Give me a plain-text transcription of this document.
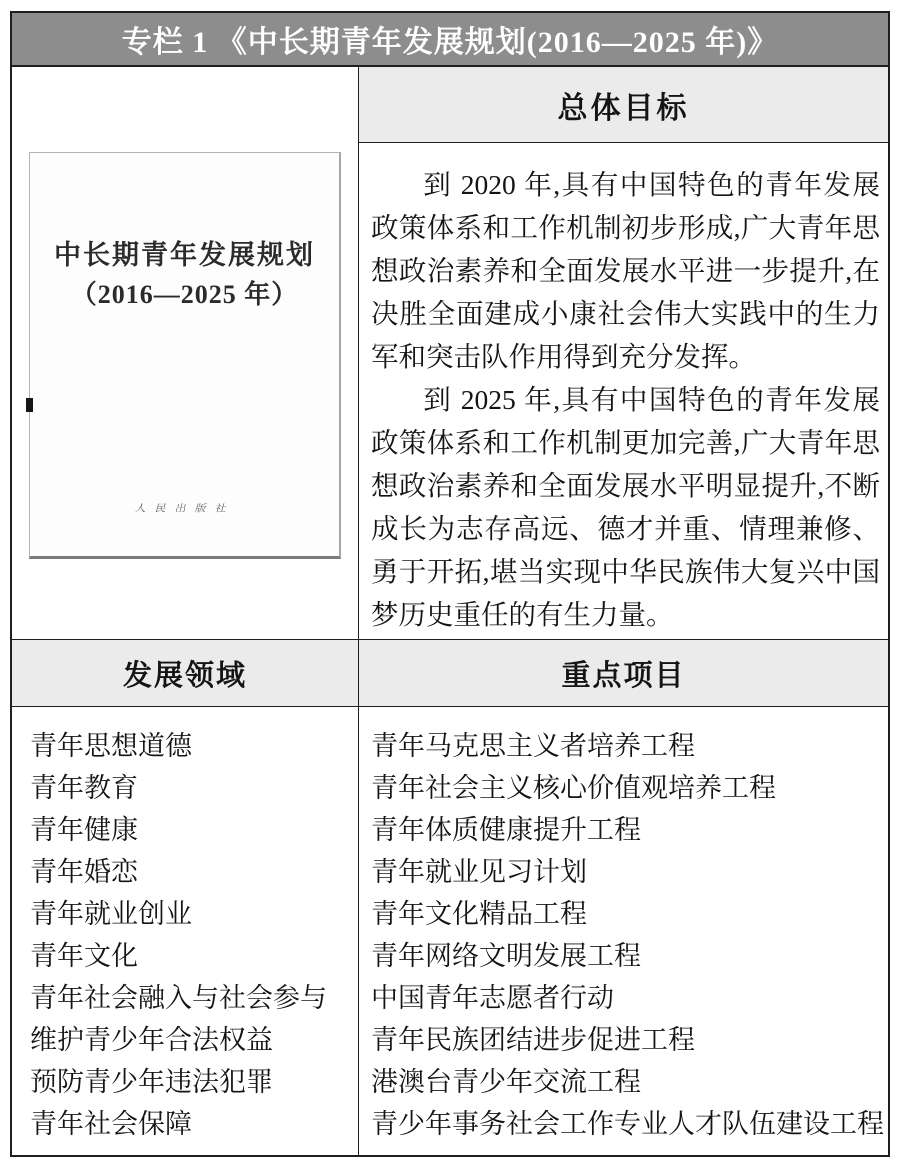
专栏 1 《中长期青年发展规划(2016—2025 年)》
中长期青年发展规划
（2016—2025 年）
人民出版社
总体目标

到 2020 年,具有中国特色的青年发展政策体系和工作机制初步形成,广大青年思想政治素养和全面发展水平进一步提升,在决胜全面建成小康社会伟大实践中的生力军和突击队作用得到充分发挥。

到 2025 年,具有中国特色的青年发展政策体系和工作机制更加完善,广大青年思想政治素养和全面发展水平明显提升,不断成长为志存高远、德才并重、情理兼修、勇于开拓,堪当实现中华民族伟大复兴中国梦历史重任的有生力量。

发展领域	重点项目
青年思想道德
青年教育
青年健康
青年婚恋
青年就业创业
青年文化
青年社会融入与社会参与
维护青少年合法权益
预防青少年违法犯罪
青年社会保障
青年马克思主义者培养工程
青年社会主义核心价值观培养工程
青年体质健康提升工程
青年就业见习计划
青年文化精品工程
青年网络文明发展工程
中国青年志愿者行动
青年民族团结进步促进工程
港澳台青少年交流工程
青少年事务社会工作专业人才队伍建设工程
